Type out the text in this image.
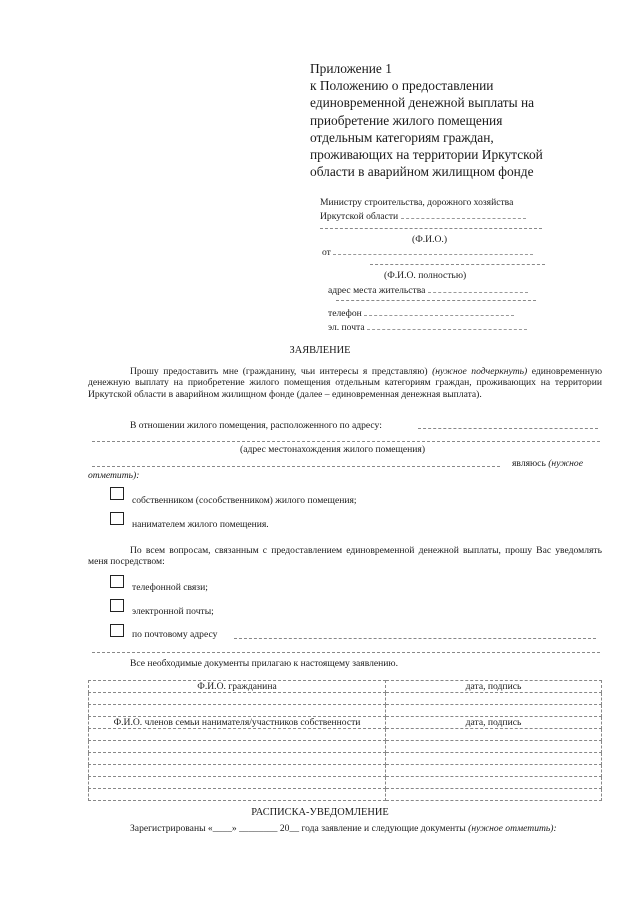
Приложение 1
к Положению о предоставлении
единовременной денежной выплаты на
приобретение жилого помещения
отдельным категориям граждан,
проживающих на территории Иркутской
области в аварийном жилищном фонде
Министру строительства, дорожного хозяйства
Иркутской области
(Ф.И.О.)
от
(Ф.И.О. полностью)
адрес места жительства
телефон
эл. почта
ЗАЯВЛЕНИЕ
Прошу предоставить мне (гражданину, чьи интересы я представляю) (нужное подчеркнуть) единовременную денежную выплату на приобретение жилого помещения отдельным категориям граждан, проживающих на территории Иркутской области в аварийном жилищном фонде (далее – единовременная денежная выплата).
В отношении жилого помещения, расположенного по адресу:
(адрес местонахождения жилого помещения)
являюсь (нужное
отметить):
собственником (сособственником) жилого помещения;
нанимателем жилого помещения.
По всем вопросам, связанным с предоставлением единовременной денежной выплаты, прошу Вас уведомлять меня посредством:
телефонной связи;
электронной почты;
по почтовому адресу
Все необходимые документы прилагаю к настоящему заявлению.
Ф.И.О. гражданина	дата, подпись

Ф.И.О. членов семьи нанимателя/участников собственности	дата, подпись

РАСПИСКА-УВЕДОМЛЕНИЕ
Зарегистрированы «____» ________ 20__ года заявление и следующие документы (нужное отметить):
